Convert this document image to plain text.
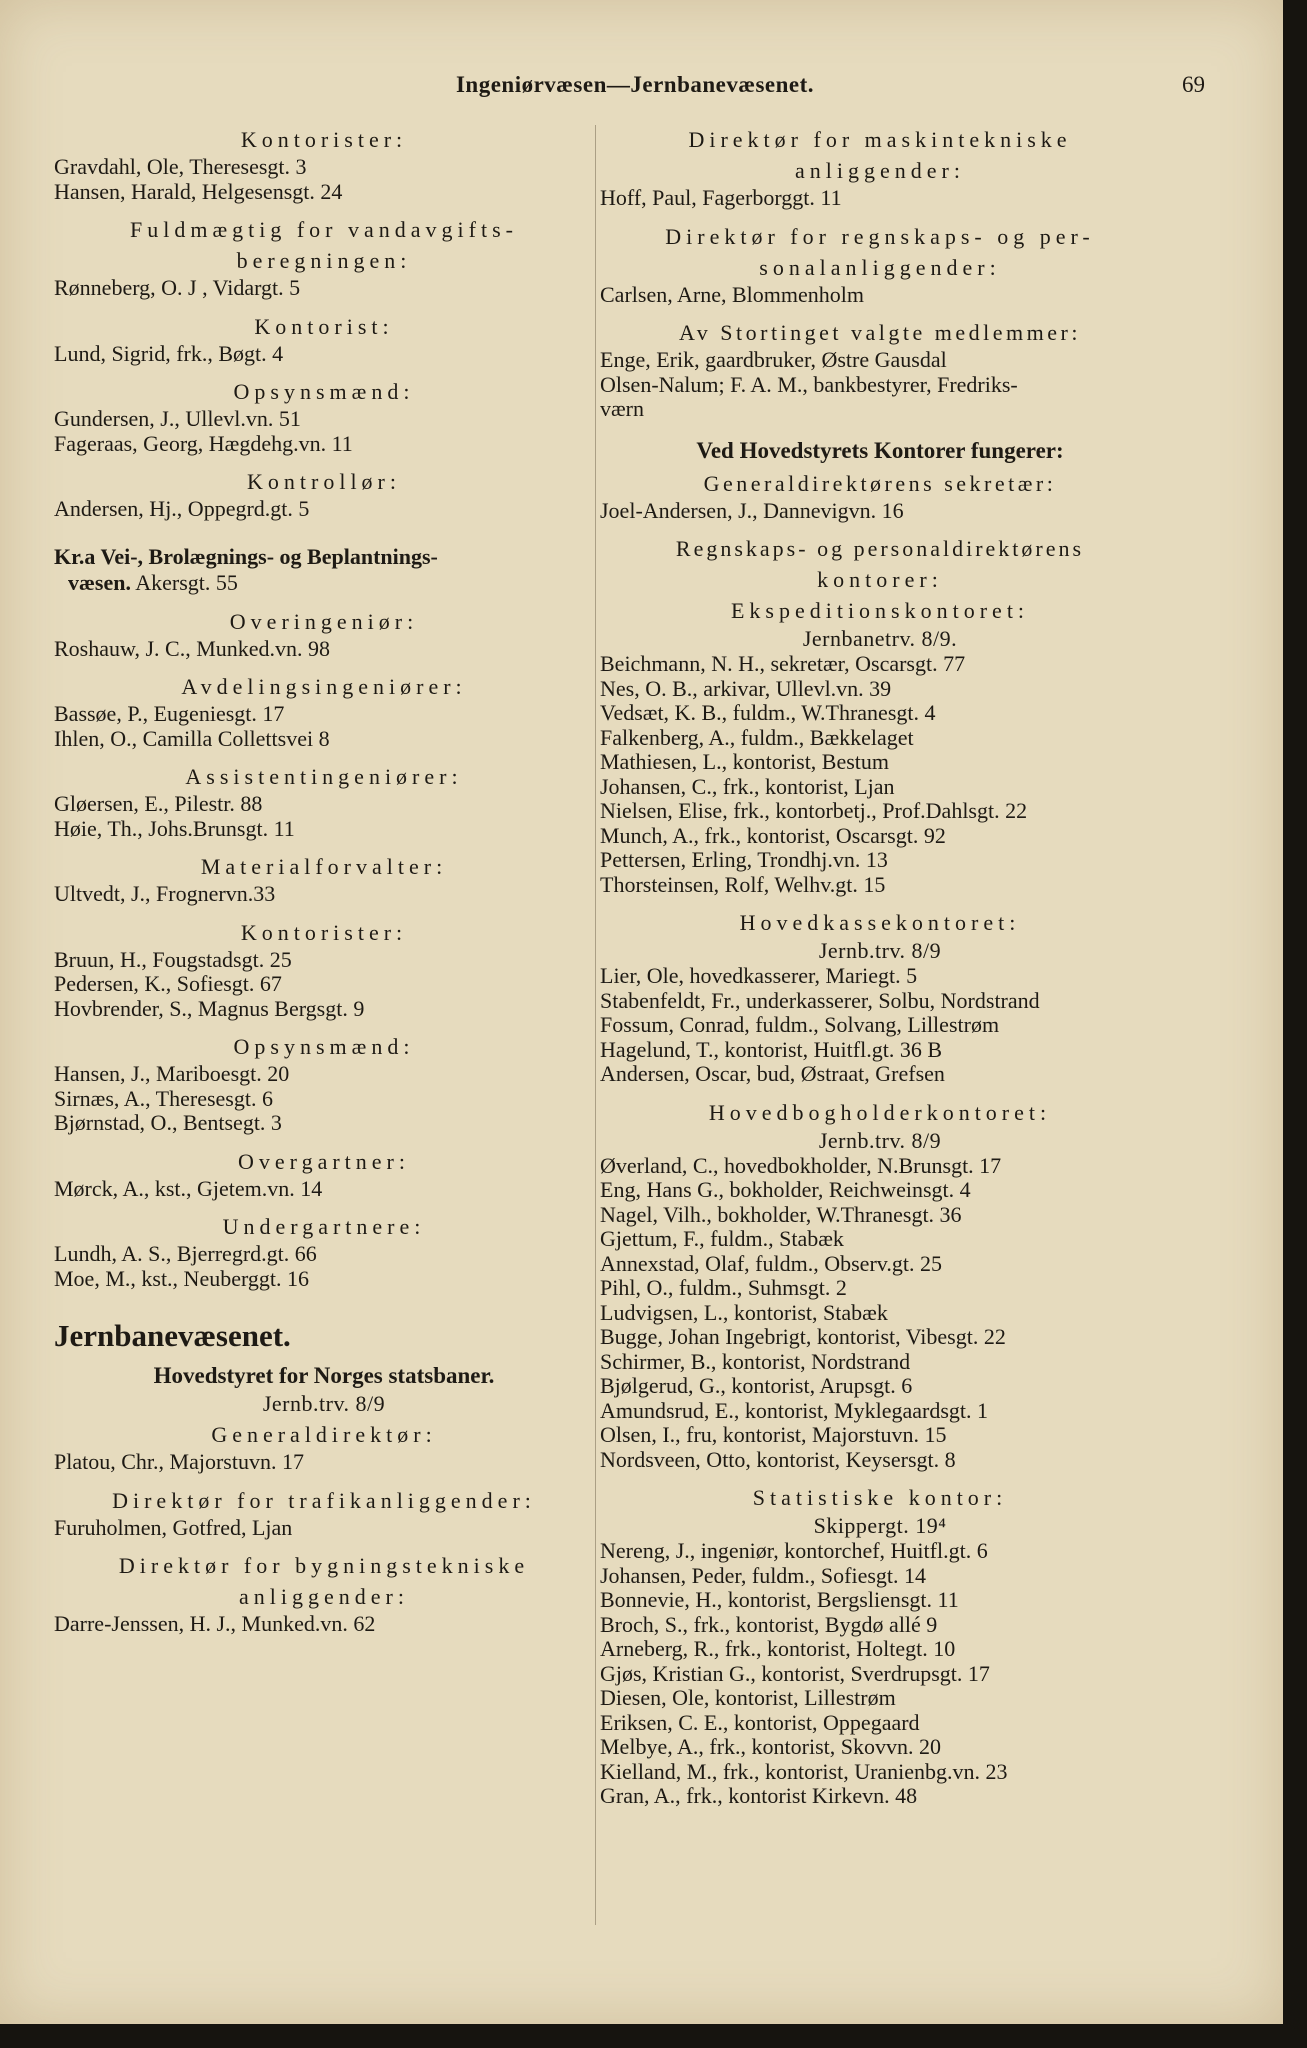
Ingeniørvæsen—Jernbanevæsenet.	69
Kontorister:
Gravdahl, Ole, Theresesgt. 3
Hansen, Harald, Helgesensgt. 24
Fuldmægtig for vandavgifts-
beregningen:
Rønneberg, O. J , Vidargt. 5
Kontorist:
Lund, Sigrid, frk., Bøgt. 4
Opsynsmænd:
Gundersen, J., Ullevl.vn. 51
Fageraas, Georg, Hægdehg.vn. 11
Kontrollør:
Andersen, Hj., Oppegrd.gt. 5
Kr.a Vei-, Brolægnings- og Beplantnings-
væsen. Akersgt. 55
Overingeniør:
Roshauw, J. C., Munked.vn. 98
Avdelingsingeniører:
Bassøe, P., Eugeniesgt. 17
Ihlen, O., Camilla Collettsvei 8
Assistentingeniører:
Gløersen, E., Pilestr. 88
Høie, Th., Johs.Brunsgt. 11
Materialforvalter:
Ultvedt, J., Frognervn.33
Kontorister:
Bruun, H., Fougstadsgt. 25
Pedersen, K., Sofiesgt. 67
Hovbrender, S., Magnus Bergsgt. 9
Opsynsmænd:
Hansen, J., Mariboesgt. 20
Sirnæs, A., Theresesgt. 6
Bjørnstad, O., Bentsegt. 3
Overgartner:
Mørck, A., kst., Gjetem.vn. 14
Undergartnere:
Lundh, A. S., Bjerregrd.gt. 66
Moe, M., kst., Neuberggt. 16
Jernbanevæsenet.
Hovedstyret for Norges statsbaner.
Jernb.trv. 8/9
Generaldirektør:
Platou, Chr., Majorstuvn. 17
Direktør for trafikanliggender:
Furuholmen, Gotfred, Ljan
Direktør for bygningstekniske
anliggender:
Darre-Jenssen, H. J., Munked.vn. 62
Direktør for maskintekniske
anliggender:
Hoff, Paul, Fagerborggt. 11
Direktør for regnskaps- og per-
sonalanliggender:
Carlsen, Arne, Blommenholm
Av Stortinget valgte medlemmer:
Enge, Erik, gaardbruker, Østre Gausdal
Olsen-Nalum; F. A. M., bankbestyrer, Fredriks-
værn
Ved Hovedstyrets Kontorer fungerer:
Generaldirektørens sekretær:
Joel-Andersen, J., Dannevigvn. 16
Regnskaps- og personaldirektørens
kontorer:
Ekspeditionskontoret:
Jernbanetrv. 8/9.
Beichmann, N. H., sekretær, Oscarsgt. 77
Nes, O. B., arkivar, Ullevl.vn. 39
Vedsæt, K. B., fuldm., W.Thranesgt. 4
Falkenberg, A., fuldm., Bækkelaget
Mathiesen, L., kontorist, Bestum
Johansen, C., frk., kontorist, Ljan
Nielsen, Elise, frk., kontorbetj., Prof.Dahlsgt. 22
Munch, A., frk., kontorist, Oscarsgt. 92
Pettersen, Erling, Trondhj.vn. 13
Thorsteinsen, Rolf, Welhv.gt. 15
Hovedkassekontoret:
Jernb.trv. 8/9
Lier, Ole, hovedkasserer, Mariegt. 5
Stabenfeldt, Fr., underkasserer, Solbu, Nordstrand
Fossum, Conrad, fuldm., Solvang, Lillestrøm
Hagelund, T., kontorist, Huitfl.gt. 36 B
Andersen, Oscar, bud, Østraat, Grefsen
Hovedbogholderkontoret:
Jernb.trv. 8/9
Øverland, C., hovedbokholder, N.Brunsgt. 17
Eng, Hans G., bokholder, Reichweinsgt. 4
Nagel, Vilh., bokholder, W.Thranesgt. 36
Gjettum, F., fuldm., Stabæk
Annexstad, Olaf, fuldm., Observ.gt. 25
Pihl, O., fuldm., Suhmsgt. 2
Ludvigsen, L., kontorist, Stabæk
Bugge, Johan Ingebrigt, kontorist, Vibesgt. 22
Schirmer, B., kontorist, Nordstrand
Bjølgerud, G., kontorist, Arupsgt. 6
Amundsrud, E., kontorist, Myklegaardsgt. 1
Olsen, I., fru, kontorist, Majorstuvn. 15
Nordsveen, Otto, kontorist, Keysersgt. 8
Statistiske kontor:
Skippergt. 19⁴
Nereng, J., ingeniør, kontorchef, Huitfl.gt. 6
Johansen, Peder, fuldm., Sofiesgt. 14
Bonnevie, H., kontorist, Bergsliensgt. 11
Broch, S., frk., kontorist, Bygdø allé 9
Arneberg, R., frk., kontorist, Holtegt. 10
Gjøs, Kristian G., kontorist, Sverdrupsgt. 17
Diesen, Ole, kontorist, Lillestrøm
Eriksen, C. E., kontorist, Oppegaard
Melbye, A., frk., kontorist, Skovvn. 20
Kielland, M., frk., kontorist, Uranienbg.vn. 23
Gran, A., frk., kontorist Kirkevn. 48
